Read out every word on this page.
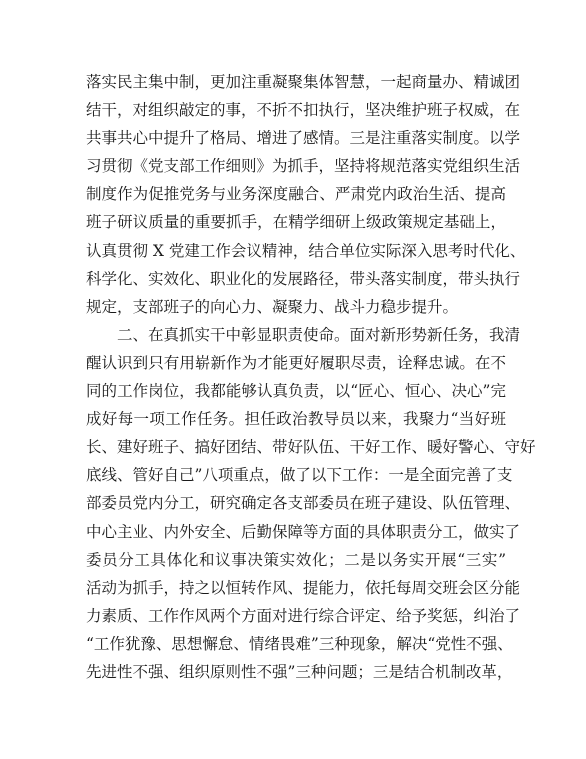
落实民主集中制，更加注重凝聚集体智慧，一起商量办、精诚团
结干，对组织敲定的事，不折不扣执行，坚决维护班子权威，在
共事共心中提升了格局、增进了感情。三是注重落实制度。以学
习贯彻《党支部工作细则》为抓手，坚持将规范落实党组织生活
制度作为促推党务与业务深度融合、严肃党内政治生活、提高
班子研议质量的重要抓手，在精学细研上级政策规定基础上，
认真贯彻 X 党建工作会议精神，结合单位实际深入思考时代化、
科学化、实效化、职业化的发展路径，带头落实制度，带头执行
规定，支部班子的向心力、凝聚力、战斗力稳步提升。
二、在真抓实干中彰显职责使命。面对新形势新任务，我清
醒认识到只有用崭新作为才能更好履职尽责，诠释忠诚。在不
同的工作岗位，我都能够认真负责，以“匠心、恒心、决心”完
成好每一项工作任务。担任政治教导员以来，我聚力“当好班
长、建好班子、搞好团结、带好队伍、干好工作、暖好警心、守好
底线、管好自己”八项重点，做了以下工作：一是全面完善了支
部委员党内分工，研究确定各支部委员在班子建设、队伍管理、
中心主业、内外安全、后勤保障等方面的具体职责分工，做实了
委员分工具体化和议事决策实效化；二是以务实开展“三实”
活动为抓手，持之以恒转作风、提能力，依托每周交班会区分能
力素质、工作作风两个方面对进行综合评定、给予奖惩，纠治了
“工作犹豫、思想懈怠、情绪畏难”三种现象，解决“党性不强、
先进性不强、组织原则性不强”三种问题；三是结合机制改革，
